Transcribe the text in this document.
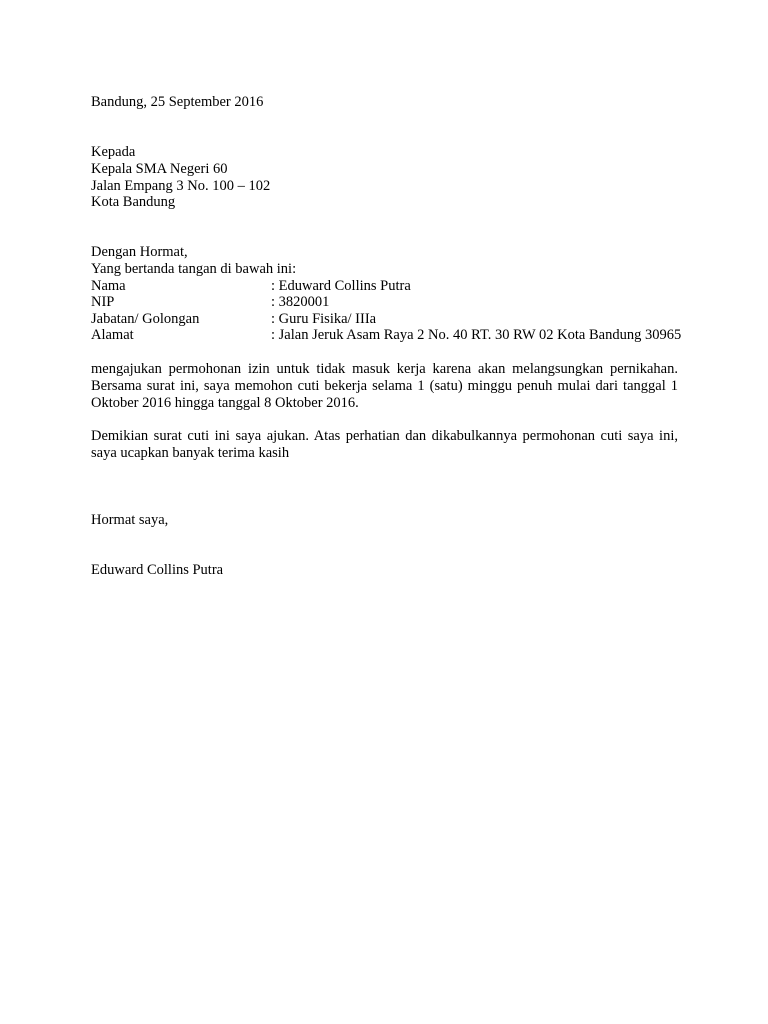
Bandung, 25 September 2016
Kepada
Kepala SMA Negeri 60
Jalan Empang 3 No. 100 – 102
Kota Bandung
Dengan Hormat,
Yang bertanda tangan di bawah ini:
Nama	: Eduward Collins Putra
NIP	: 3820001
Jabatan/ Golongan	: Guru Fisika/ IIIa
Alamat	: Jalan Jeruk Asam Raya 2 No. 40 RT. 30 RW 02 Kota Bandung 30965
mengajukan permohonan izin untuk tidak masuk kerja karena akan melangsungkan pernikahan.
Bersama surat ini, saya memohon cuti bekerja selama 1 (satu) minggu penuh mulai dari tanggal 1
Oktober 2016 hingga tanggal 8 Oktober 2016.
Demikian surat cuti ini saya ajukan. Atas perhatian dan dikabulkannya permohonan cuti saya ini,
saya ucapkan banyak terima kasih
Hormat saya,
Eduward Collins Putra
